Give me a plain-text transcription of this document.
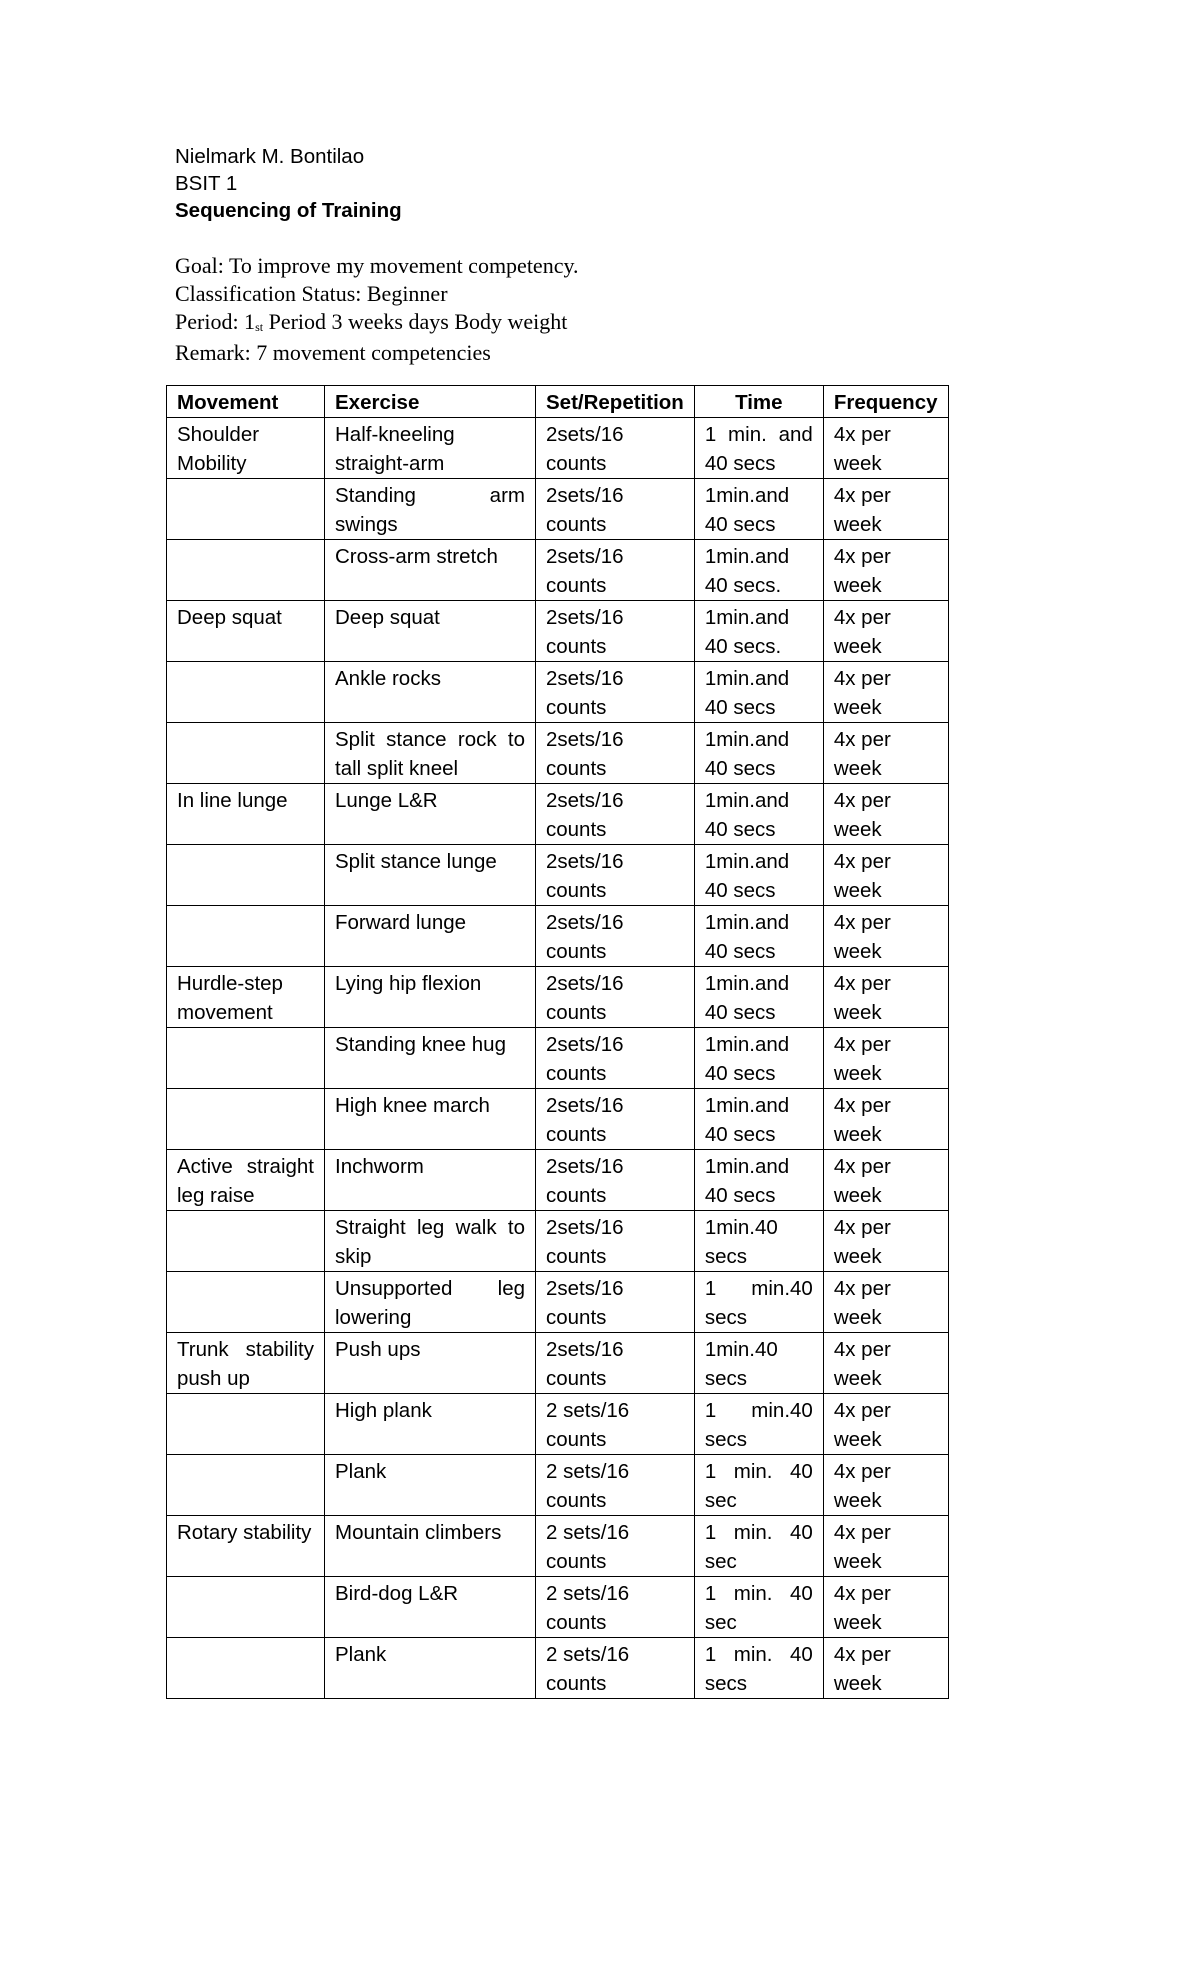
Nielmark M. Bontilao
BSIT 1
Sequencing of Training
Goal: To improve my movement competency.
Classification Status: Beginner
Period: $1_{st}$ Period 3 weeks days Body weight
Remark: 7 movement competencies
Movement	Exercise	Set/Repetition	Time	Frequency
Shoulder Mobility	Half-kneeling straight-arm	2sets/16 counts	1 min. and 40 secs	4x per week
	Standing arm swings	2sets/16 counts	1min.and 40 secs	4x per week
	Cross-arm stretch	2sets/16 counts	1min.and 40 secs.	4x per week
Deep squat	Deep squat	2sets/16 counts	1min.and 40 secs.	4x per week
	Ankle rocks	2sets/16 counts	1min.and 40 secs	4x per week
	Split stance rock to tall split kneel	2sets/16 counts	1min.and 40 secs	4x per week
In line lunge	Lunge L&R	2sets/16 counts	1min.and 40 secs	4x per week
	Split stance lunge	2sets/16 counts	1min.and 40 secs	4x per week
	Forward lunge	2sets/16 counts	1min.and 40 secs	4x per week
Hurdle-step movement	Lying hip flexion	2sets/16 counts	1min.and 40 secs	4x per week
	Standing knee hug	2sets/16 counts	1min.and 40 secs	4x per week
	High knee march	2sets/16 counts	1min.and 40 secs	4x per week
Active straight leg raise	Inchworm	2sets/16 counts	1min.and 40 secs	4x per week
	Straight leg walk to skip	2sets/16 counts	1min.40 secs	4x per week
	Unsupported leg lowering	2sets/16 counts	1 min.40 secs	4x per week
Trunk stability push up	Push ups	2sets/16 counts	1min.40 secs	4x per week
	High plank	2 sets/16 counts	1 min.40 secs	4x per week
	Plank	2 sets/16 counts	1 min. 40 sec	4x per week
Rotary stability	Mountain climbers	2 sets/16 counts	1 min. 40 sec	4x per week
	Bird-dog L&R	2 sets/16 counts	1 min. 40 sec	4x per week
	Plank	2 sets/16 counts	1 min. 40 secs	4x per week
